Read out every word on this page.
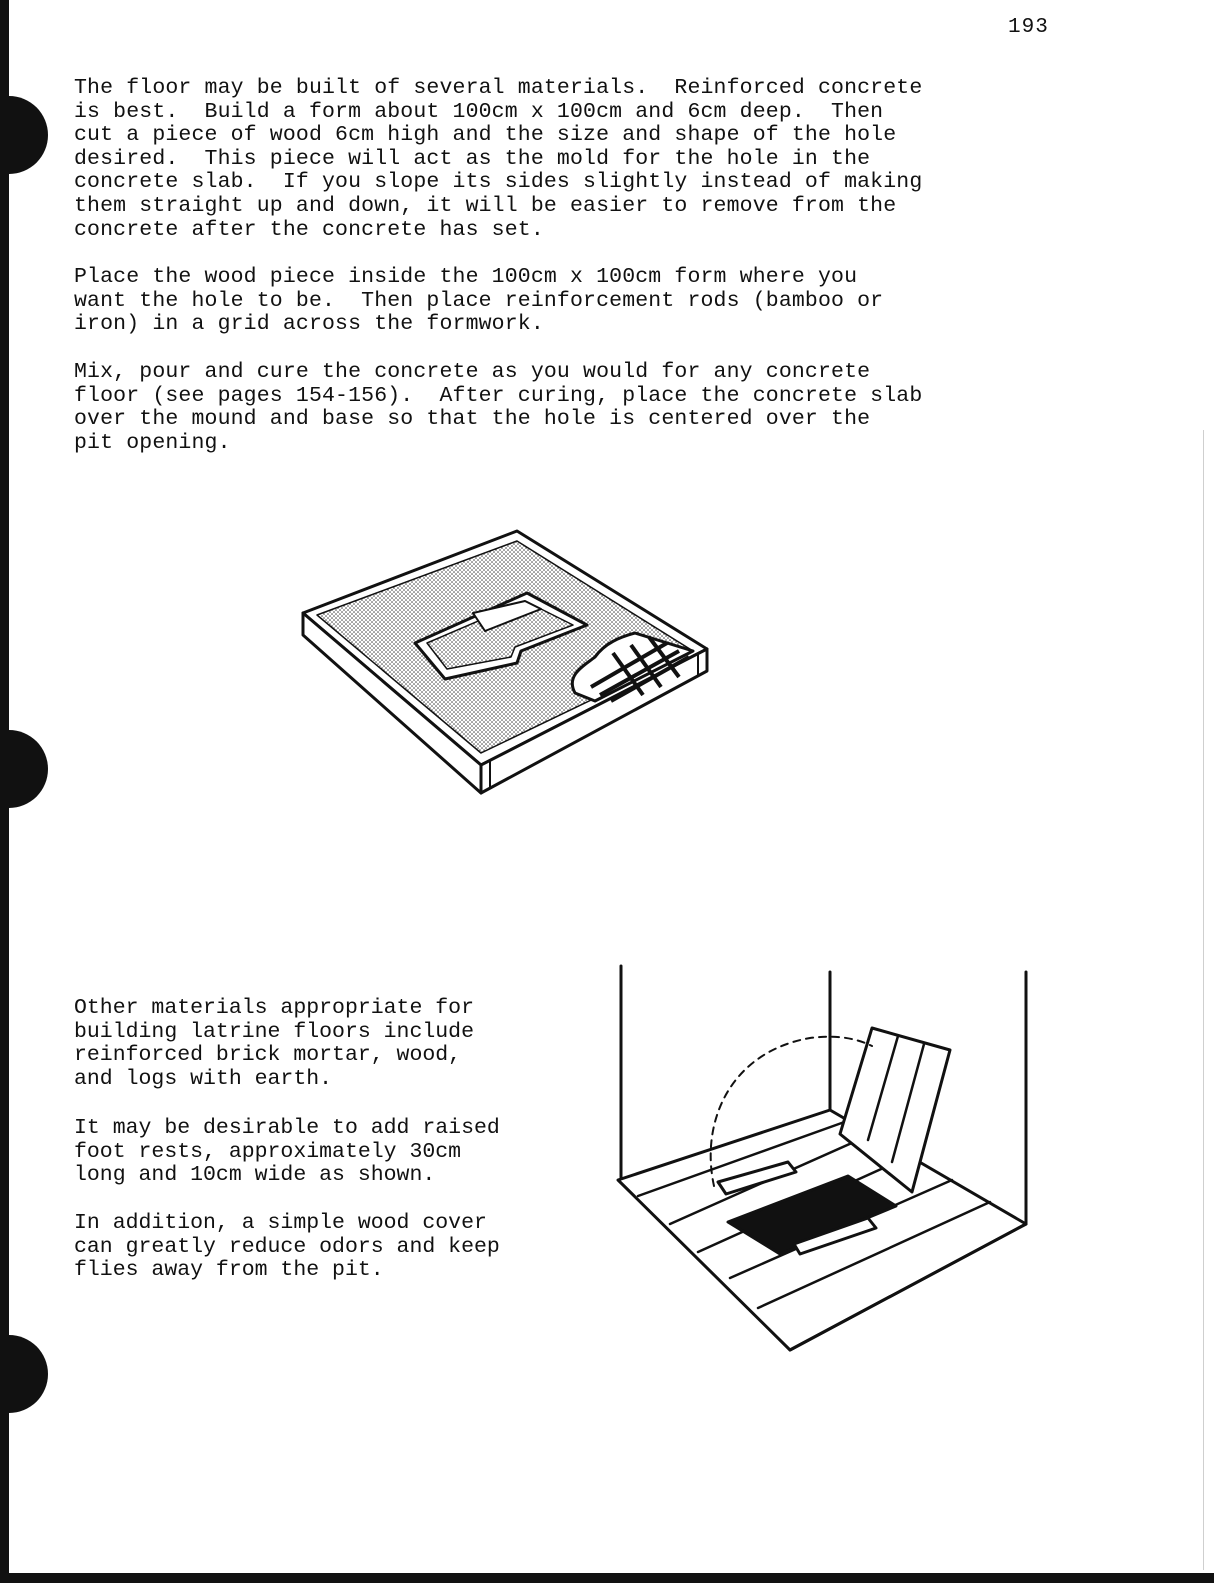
193

The floor may be built of several materials.  Reinforced concrete
is best.  Build a form about 100cm x 100cm and 6cm deep.  Then
cut a piece of wood 6cm high and the size and shape of the hole
desired.  This piece will act as the mold for the hole in the
concrete slab.  If you slope its sides slightly instead of making
them straight up and down, it will be easier to remove from the
concrete after the concrete has set.

Place the wood piece inside the 100cm x 100cm form where you
want the hole to be.  Then place reinforcement rods (bamboo or
iron) in a grid across the formwork.

Mix, pour and cure the concrete as you would for any concrete
floor (see pages 154-156).  After curing, place the concrete slab
over the mound and base so that the hole is centered over the
pit opening.

Other materials appropriate for
building latrine floors include
reinforced brick mortar, wood,
and logs with earth.

It may be desirable to add raised
foot rests, approximately 30cm
long and 10cm wide as shown.

In addition, a simple wood cover
can greatly reduce odors and keep
flies away from the pit.
